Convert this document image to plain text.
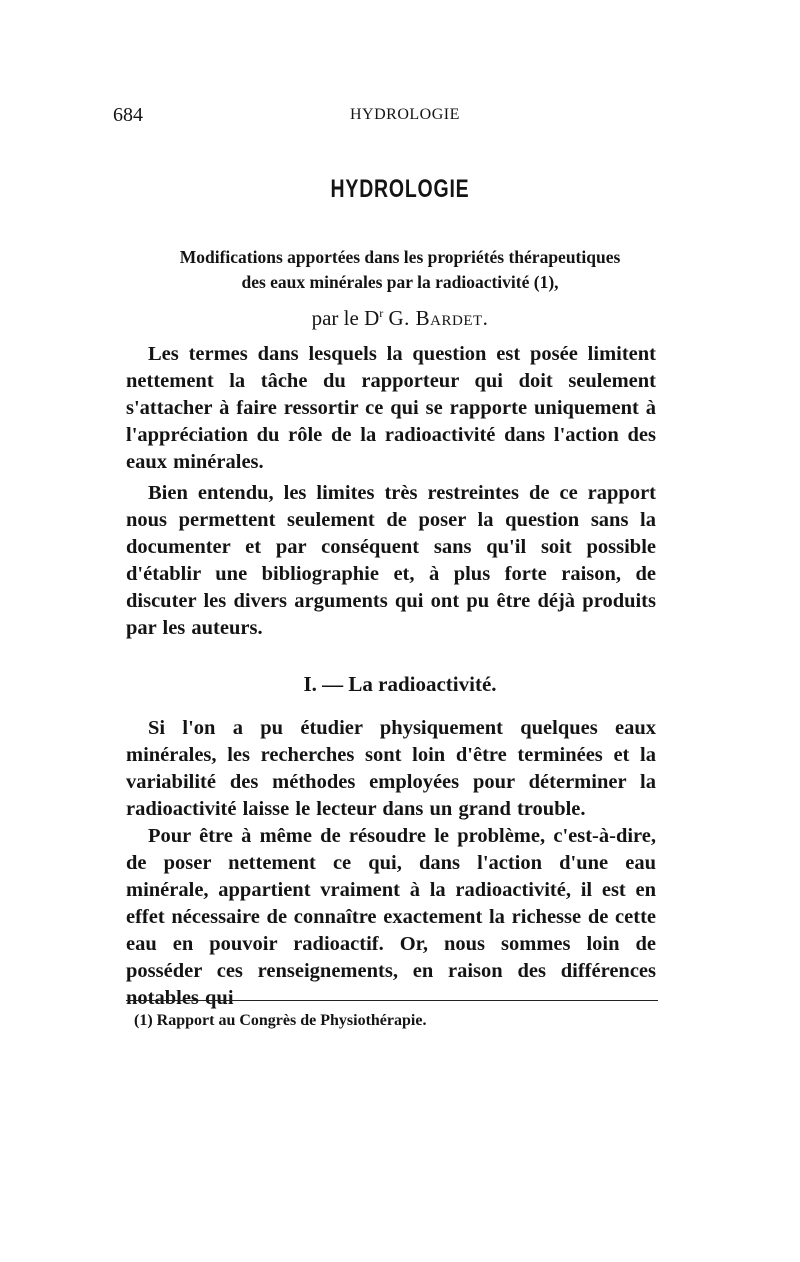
684	HYDROLOGIE
HYDROLOGIE
Modifications apportées dans les propriétés thérapeutiques
des eaux minérales par la radioactivité (1),
par le $D^r$ G. Bardet.
Les termes dans lesquels la question est posée limitent nettement la tâche du rapporteur qui doit seulement s'attacher à faire ressortir ce qui se rapporte uniquement à l'appréciation du rôle de la radioactivité dans l'action des eaux minérales.
Bien entendu, les limites très restreintes de ce rapport nous permettent seulement de poser la question sans la documenter et par conséquent sans qu'il soit possible d'établir une bibliographie et, à plus forte raison, de discuter les divers arguments qui ont pu être déjà produits par les auteurs.
I. — La radioactivité.
Si l'on a pu étudier physiquement quelques eaux minérales, les recherches sont loin d'être terminées et la variabilité des méthodes employées pour déterminer la radioactivité laisse le lecteur dans un grand trouble.
Pour être à même de résoudre le problème, c'est-à-dire, de poser nettement ce qui, dans l'action d'une eau minérale, appartient vraiment à la radioactivité, il est en effet nécessaire de connaître exactement la richesse de cette eau en pouvoir radioactif. Or, nous sommes loin de posséder ces renseignements, en raison des différences notables qui
(1) Rapport au Congrès de Physiothérapie.
